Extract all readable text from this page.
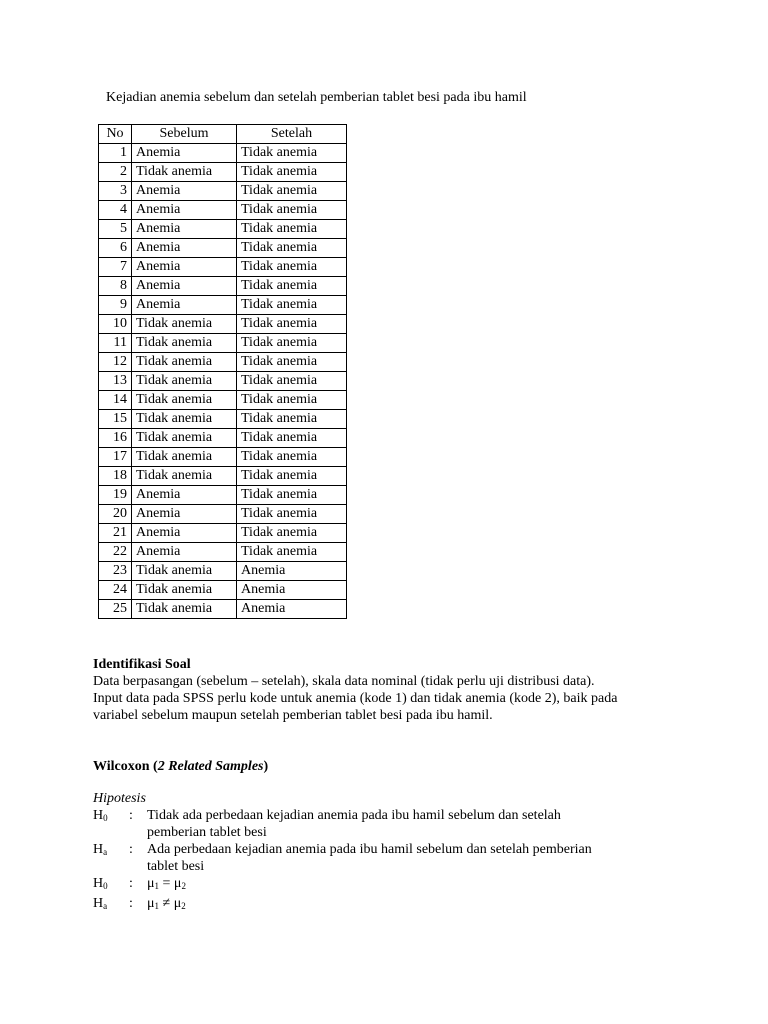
Kejadian anemia sebelum dan setelah pemberian tablet besi pada ibu hamil
No	Sebelum	Setelah
1	Anemia	Tidak anemia
2	Tidak anemia	Tidak anemia
3	Anemia	Tidak anemia
4	Anemia	Tidak anemia
5	Anemia	Tidak anemia
6	Anemia	Tidak anemia
7	Anemia	Tidak anemia
8	Anemia	Tidak anemia
9	Anemia	Tidak anemia
10	Tidak anemia	Tidak anemia
11	Tidak anemia	Tidak anemia
12	Tidak anemia	Tidak anemia
13	Tidak anemia	Tidak anemia
14	Tidak anemia	Tidak anemia
15	Tidak anemia	Tidak anemia
16	Tidak anemia	Tidak anemia
17	Tidak anemia	Tidak anemia
18	Tidak anemia	Tidak anemia
19	Anemia	Tidak anemia
20	Anemia	Tidak anemia
21	Anemia	Tidak anemia
22	Anemia	Tidak anemia
23	Tidak anemia	Anemia
24	Tidak anemia	Anemia
25	Tidak anemia	Anemia
Identifikasi Soal
Data berpasangan (sebelum – setelah), skala data nominal (tidak perlu uji distribusi data).
Input data pada SPSS perlu kode untuk anemia (kode 1) dan tidak anemia (kode 2), baik pada
variabel sebelum maupun setelah pemberian tablet besi pada ibu hamil.
Wilcoxon (2 Related Samples)
Hipotesis
$H_0$	:	Tidak ada perbedaan kejadian anemia pada ibu hamil sebelum dan setelah
pemberian tablet besi
$H_a$	:	Ada perbedaan kejadian anemia pada ibu hamil sebelum dan setelah pemberian
tablet besi
$H_0$	:	$\mu_1 = \mu_2$
$H_a$	:	$\mu_1 \ne \mu_2$
